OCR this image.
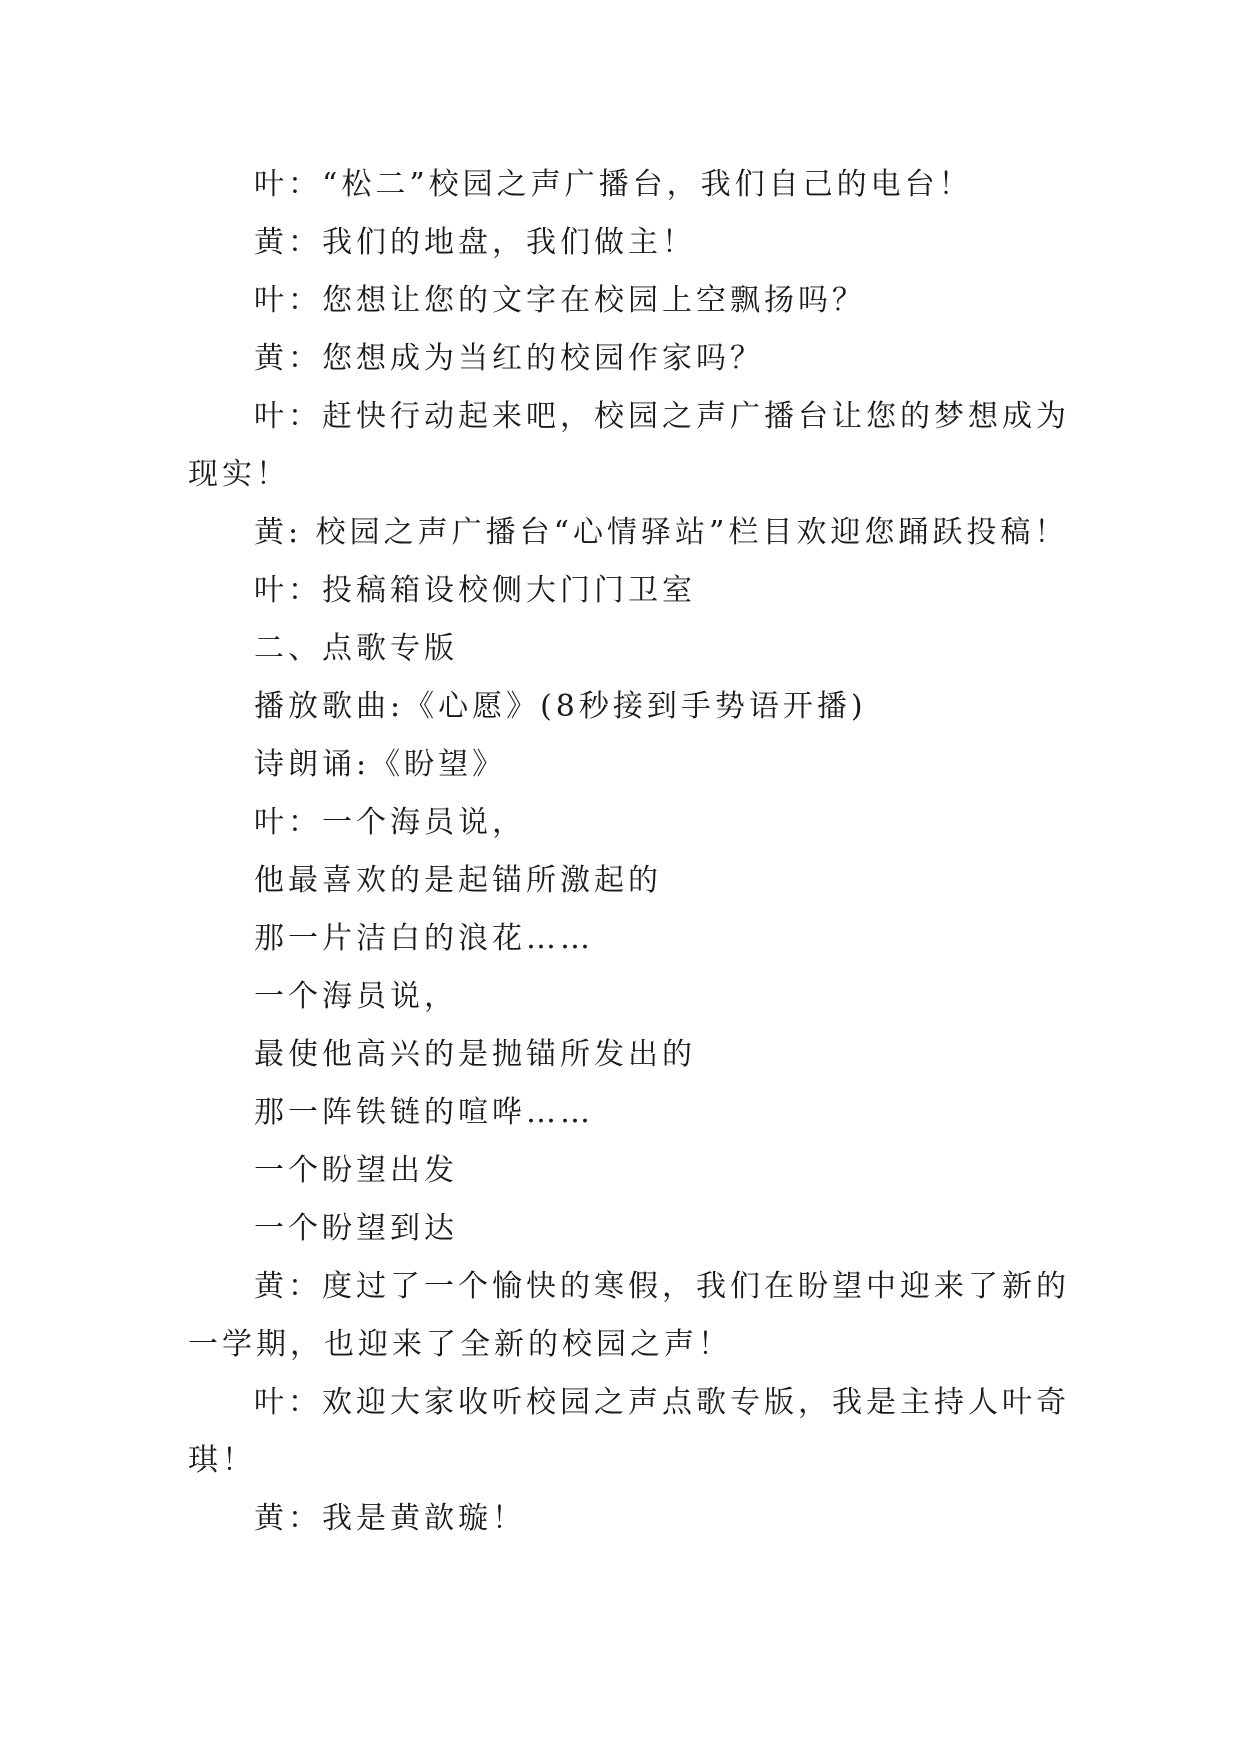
叶：“松二”校园之声广播台，我们自己的电台！

黄：我们的地盘，我们做主！

叶：您想让您的文字在校园上空飘扬吗？

黄：您想成为当红的校园作家吗？

叶：赶快行动起来吧，校园之声广播台让您的梦想成为

现实！

黄: 校园之声广播台“心情驿站”栏目欢迎您踊跃投稿！

叶：投稿箱设校侧大门门卫室

二、点歌专版

播放歌曲:《心愿》(8秒接到手势语开播)

诗朗诵:《盼望》

叶：一个海员说，

他最喜欢的是起锚所激起的

那一片洁白的浪花……

一个海员说，

最使他高兴的是抛锚所发出的

那一阵铁链的喧哗……

一个盼望出发

一个盼望到达

黄：度过了一个愉快的寒假，我们在盼望中迎来了新的

一学期，也迎来了全新的校园之声！

叶：欢迎大家收听校园之声点歌专版，我是主持人叶奇

琪！

黄：我是黄歆璇！
